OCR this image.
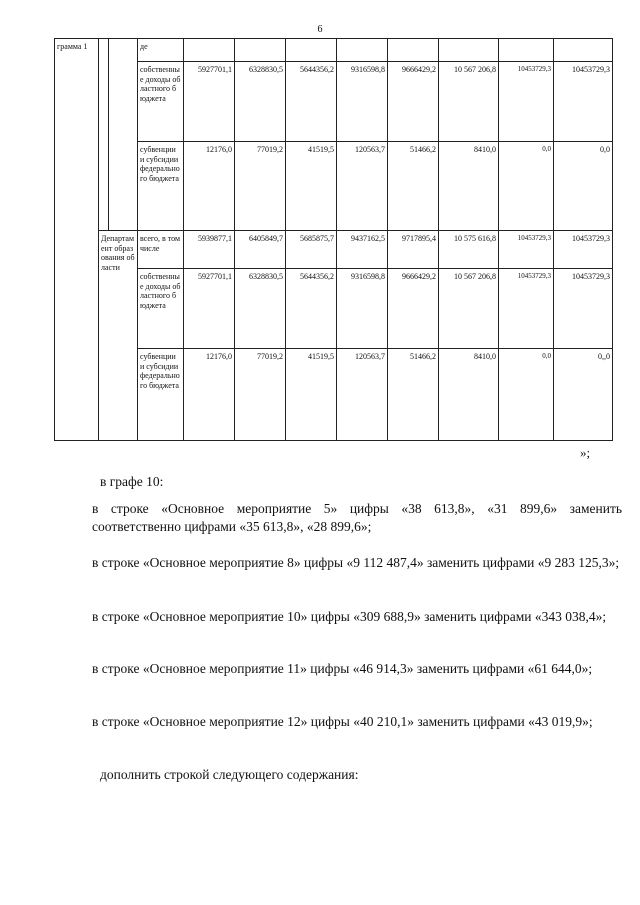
6
грамма 1			де								
			собственные доходы областного бюджета	5927701,1	6328830,5	5644356,2	9316598,8	9666429,2	10 567 206,8	10453729,3	10453729,3
			субвенции и субсидии федерального бюджета	12176,0	77019,2	41519,5	120563,7	51466,2	8410,0	0,0	0,0
	Департамент образования области		всего, в том числе	5939877,1	6405849,7	5685875,7	9437162,5	9717895,4	10 575 616,8	10453729,3	10453729,3
			собственные доходы областного бюджета	5927701,1	6328830,5	5644356,2	9316598,8	9666429,2	10 567 206,8	10453729,3	10453729,3
			субвенции и субсидии федерального бюджета	12176,0	77019,2	41519,5	120563,7	51466,2	8410,0	0,0	0,,0
»;
в графе 10:
в строке «Основное мероприятие 5» цифры «38 613,8», «31 899,6» заменить соответственно цифрами «35 613,8», «28 899,6»;
в строке «Основное мероприятие 8» цифры «9 112 487,4» заменить цифрами «9 283 125,3»;
в строке «Основное мероприятие 10» цифры «309 688,9» заменить цифрами «343 038,4»;
в строке «Основное мероприятие 11» цифры «46 914,3» заменить цифрами «61 644,0»;
в строке «Основное мероприятие 12» цифры «40 210,1» заменить цифрами «43 019,9»;
дополнить строкой следующего содержания:
